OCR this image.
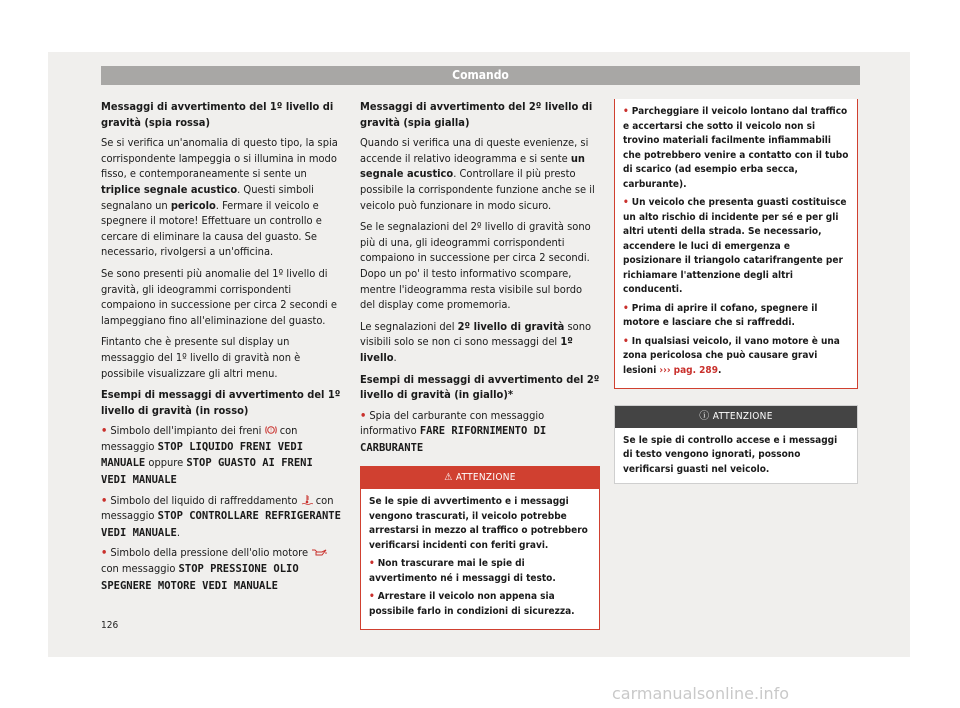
Comando
Messaggi di avvertimento del 1º livello di gravità (spia rossa)

Se si verifica un'anomalia di questo tipo, la spia corrispondente lampeggia o si illumina in modo fisso, e contemporaneamente si sente un triplice segnale acustico. Questi simboli segnalano un pericolo. Fermare il veicolo e spegnere il motore! Effettuare un controllo e cercare di eliminare la causa del guasto. Se necessario, rivolgersi a un'officina.

Se sono presenti più anomalie del 1º livello di gravità, gli ideogrammi corrispondenti compaiono in successione per circa 2 secondi e lampeggiano fino all'eliminazione del guasto.

Fintanto che è presente sul display un messaggio del 1º livello di gravità non è possibile visualizzare gli altri menu.

Esempi di messaggi di avvertimento del 1º livello di gravità (in rosso)
• Simbolo dell'impianto dei freni ! con messaggio STOP LIQUIDO FRENI VEDI MANUALE oppure STOP GUASTO AI FRENI VEDI MANUALE
• Simbolo del liquido di raffreddamento  con messaggio STOP CONTROLLARE REFRIGERANTE VEDI MANUALE.
• Simbolo della pressione dell'olio motore  con messaggio STOP PRESSIONE OLIO SPEGNERE MOTORE VEDI MANUALE
Messaggi di avvertimento del 2º livello di gravità (spia gialla)

Quando si verifica una di queste evenienze, si accende il relativo ideogramma e si sente un segnale acustico. Controllare il più presto possibile la corrispondente funzione anche se il veicolo può funzionare in modo sicuro.

Se le segnalazioni del 2º livello di gravità sono più di una, gli ideogrammi corrispondenti compaiono in successione per circa 2 secondi. Dopo un po' il testo informativo scompare, mentre l'ideogramma resta visibile sul bordo del display come promemoria.

Le segnalazioni del 2º livello di gravità sono visibili solo se non ci sono messaggi del 1º livello.

Esempi di messaggi di avvertimento del 2º livello di gravità (in giallo)*
• Spia del carburante con messaggio informativo FARE RIFORNIMENTO DI CARBURANTE
⚠ ATTENZIONE

Se le spie di avvertimento e i messaggi vengono trascurati, il veicolo potrebbe arrestarsi in mezzo al traffico o potrebbero verificarsi incidenti con feriti gravi.

• Non trascurare mai le spie di avvertimento né i messaggi di testo.

• Arrestare il veicolo non appena sia possibile farlo in condizioni di sicurezza.

• Parcheggiare il veicolo lontano dal traffico e accertarsi che sotto il veicolo non si trovino materiali facilmente infiammabili che potrebbero venire a contatto con il tubo di scarico (ad esempio erba secca, carburante).

• Un veicolo che presenta guasti costituisce un alto rischio di incidente per sé e per gli altri utenti della strada. Se necessario, accendere le luci di emergenza e posizionare il triangolo catarifrangente per richiamare l'attenzione degli altri conducenti.

• Prima di aprire il cofano, spegnere il motore e lasciare che si raffreddi.

• In qualsiasi veicolo, il vano motore è una zona pericolosa che può causare gravi lesioni ››› pag. 289.

ⓘ ATTENZIONE
Se le spie di controllo accese e i messaggi di testo vengono ignorati, possono verificarsi guasti nel veicolo.
126
carmanualsonline.info
